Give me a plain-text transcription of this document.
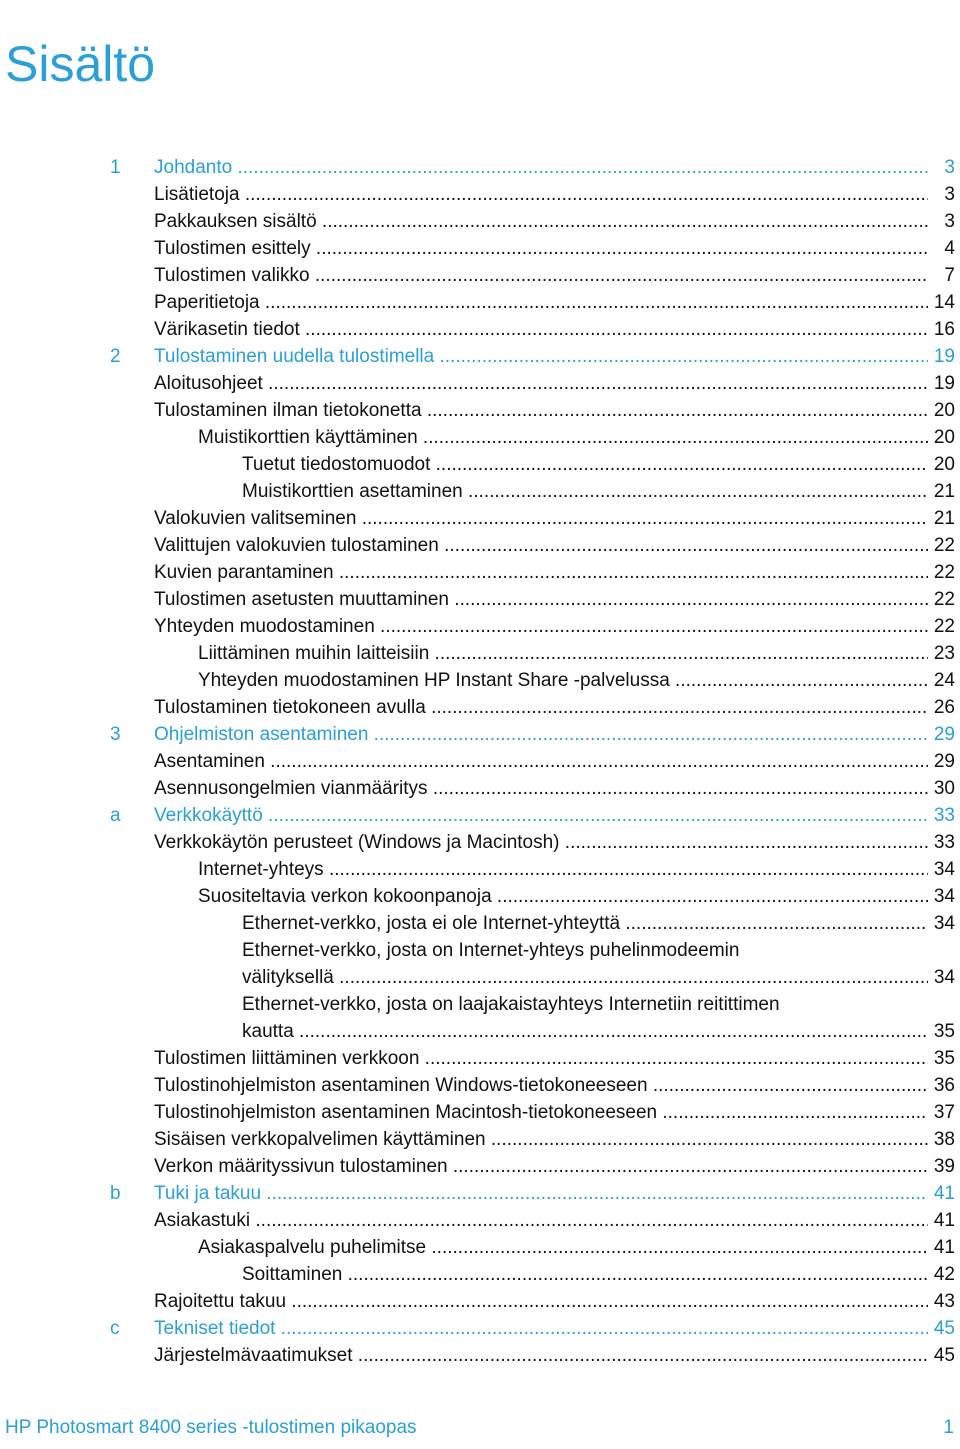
Sisältö
1 Johdanto .....	3
Lisätietoja .....	3
Pakkauksen sisältö .....	3
Tulostimen esittely .....	4
Tulostimen valikko .....	7
Paperitietoja .....	14
Värikasetin tiedot .....	16
2 Tulostaminen uudella tulostimella .....	19
Aloitusohjeet .....	19
Tulostaminen ilman tietokonetta .....	20
Muistikorttien käyttäminen .....	20
Tuetut tiedostomuodot .....	20
Muistikorttien asettaminen .....	21
Valokuvien valitseminen .....	21
Valittujen valokuvien tulostaminen .....	22
Kuvien parantaminen .....	22
Tulostimen asetusten muuttaminen .....	22
Yhteyden muodostaminen .....	22
Liittäminen muihin laitteisiin .....	23
Yhteyden muodostaminen HP Instant Share -palvelussa .....	24
Tulostaminen tietokoneen avulla .....	26
3 Ohjelmiston asentaminen .....	29
Asentaminen .....	29
Asennusongelmien vianmääritys .....	30
a Verkkokäyttö .....	33
Verkkokäytön perusteet (Windows ja Macintosh) .....	33
Internet-yhteys .....	34
Suositeltavia verkon kokoonpanoja .....	34
Ethernet-verkko, josta ei ole Internet-yhteyttä .....	34
Ethernet-verkko, josta on Internet-yhteys puhelinmodeemin
välityksellä .....	34
Ethernet-verkko, josta on laajakaistayhteys Internetiin reitittimen
kautta .....	35
Tulostimen liittäminen verkkoon .....	35
Tulostinohjelmiston asentaminen Windows-tietokoneeseen .....	36
Tulostinohjelmiston asentaminen Macintosh-tietokoneeseen .....	37
Sisäisen verkkopalvelimen käyttäminen .....	38
Verkon määrityssivun tulostaminen .....	39
b Tuki ja takuu .....	41
Asiakastuki .....	41
Asiakaspalvelu puhelimitse .....	41
Soittaminen .....	42
Rajoitettu takuu .....	43
c Tekniset tiedot .....	45
Järjestelmävaatimukset .....	45
HP Photosmart 8400 series -tulostimen pikaopas	1
